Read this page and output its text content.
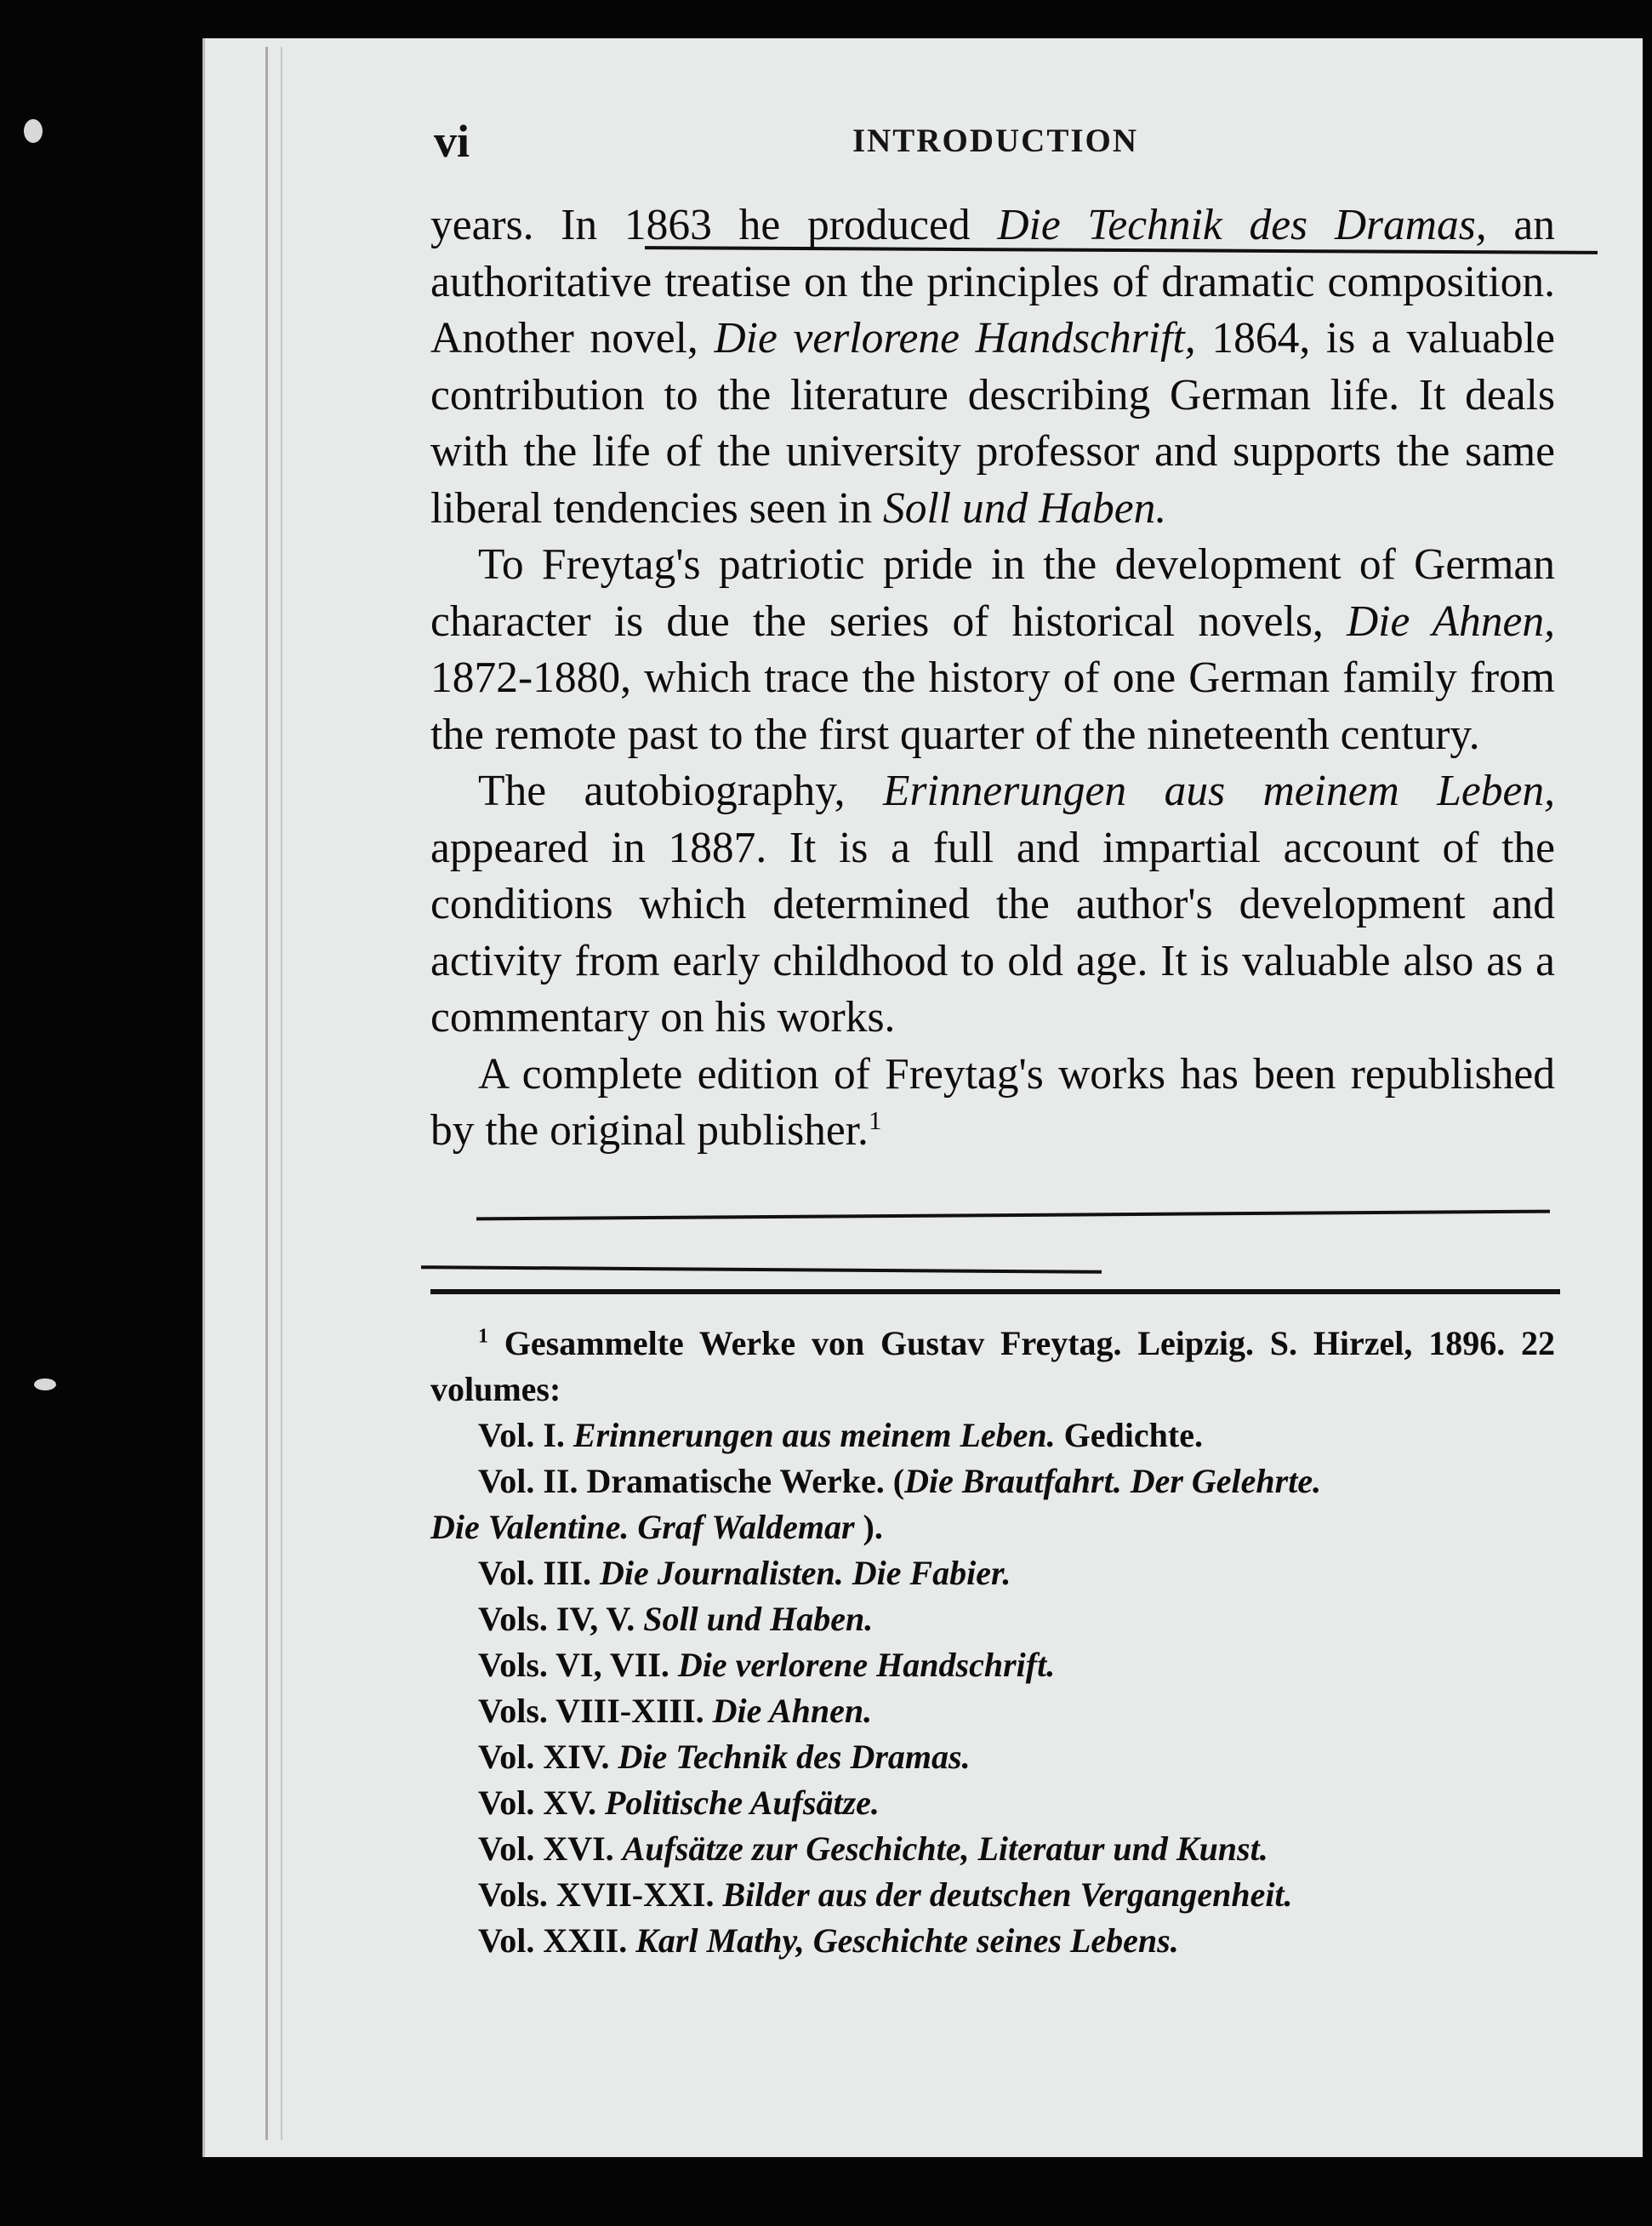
vi	INTRODUCTION

years. In 1863 he produced Die Technik des Dramas, an authoritative treatise on the principles of dramatic composition. Another novel, Die verlorene Handschrift, 1864, is a valuable contribution to the literature describing German life. It deals with the life of the university professor and supports the same liberal tendencies seen in Soll und Haben.

To Freytag's patriotic pride in the development of German character is due the series of historical novels, Die Ahnen, 1872-1880, which trace the history of one German family from the remote past to the first quarter of the nineteenth century.

The autobiography, Erinnerungen aus meinem Leben, appeared in 1887. It is a full and impartial account of the conditions which determined the author's development and activity from early childhood to old age. It is valuable also as a commentary on his works.

A complete edition of Freytag's works has been republished by the original publisher.$^1$

$^1$ Gesammelte Werke von Gustav Freytag. Leipzig. S. Hirzel, 1896. 22 volumes:

Vol. I. Erinnerungen aus meinem Leben. Gedichte.

Vol. II. Dramatische Werke. (Die Brautfahrt. Der Gelehrte.

Die Valentine. Graf Waldemar ).

Vol. III. Die Journalisten. Die Fabier.

Vols. IV, V. Soll und Haben.

Vols. VI, VII. Die verlorene Handschrift.

Vols. VIII-XIII. Die Ahnen.

Vol. XIV. Die Technik des Dramas.

Vol. XV. Politische Aufsätze.

Vol. XVI. Aufsätze zur Geschichte, Literatur und Kunst.

Vols. XVII-XXI. Bilder aus der deutschen Vergangenheit.

Vol. XXII. Karl Mathy, Geschichte seines Lebens.
